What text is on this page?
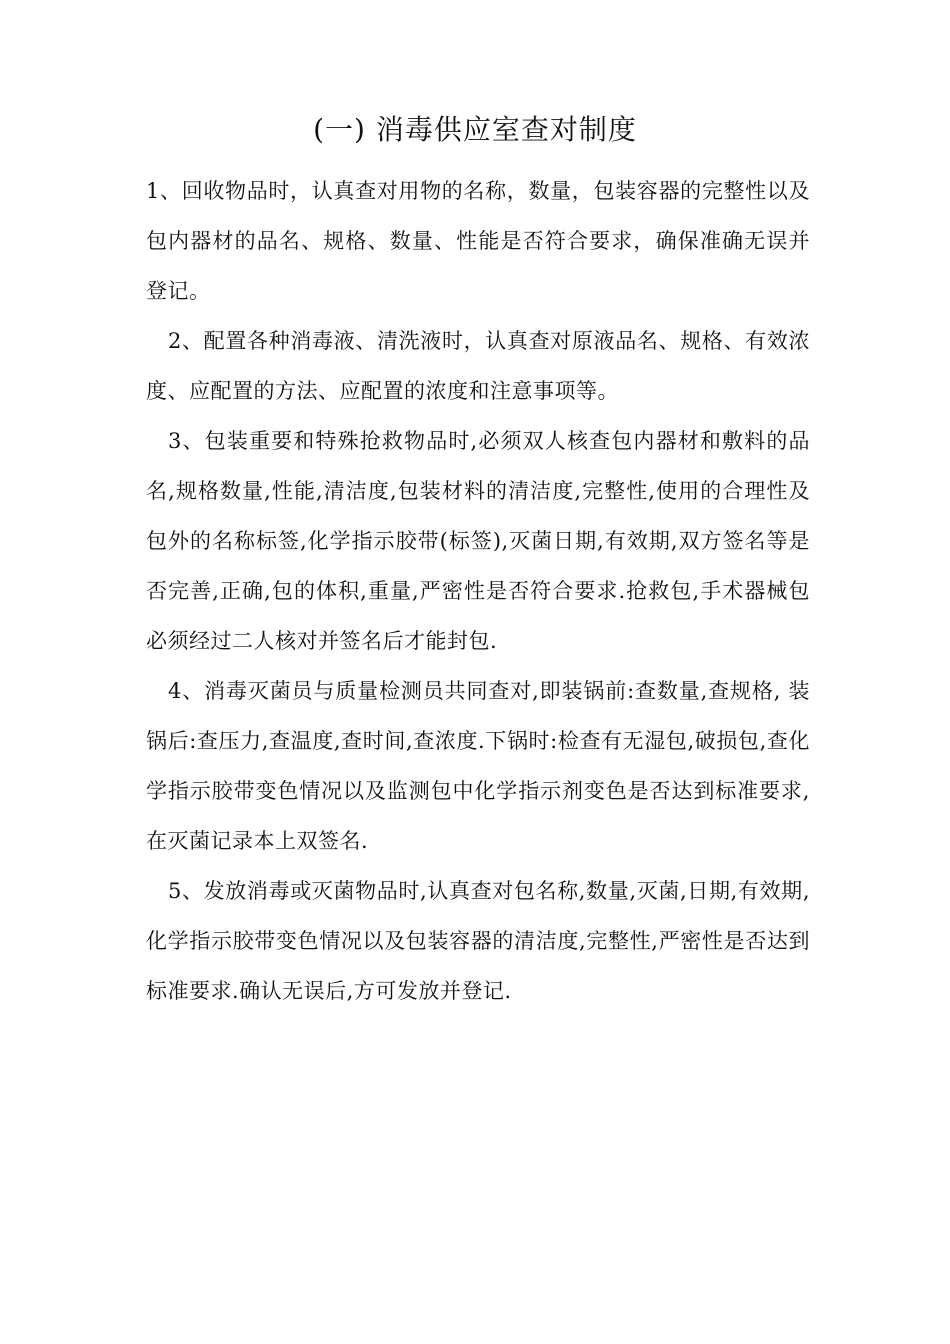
(一) 消毒供应室查对制度

1、回收物品时，认真查对用物的名称，数量，包装容器的完整性以及包内器材的品名、规格、数量、性能是否符合要求，确保准确无误并登记。

2、配置各种消毒液、清洗液时，认真查对原液品名、规格、有效浓度、应配置的方法、应配置的浓度和注意事项等。

3、包装重要和特殊抢救物品时,必须双人核查包内器材和敷料的品名,规格数量,性能,清洁度,包装材料的清洁度,完整性,使用的合理性及包外的名称标签,化学指示胶带(标签),灭菌日期,有效期,双方签名等是否完善,正确,包的体积,重量,严密性是否符合要求.抢救包,手术器械包必须经过二人核对并签名后才能封包.

4、消毒灭菌员与质量检测员共同查对,即装锅前:查数量,查规格, 装锅后:查压力,查温度,查时间,查浓度.下锅时:检查有无湿包,破损包,查化学指示胶带变色情况以及监测包中化学指示剂变色是否达到标准要求,在灭菌记录本上双签名.

5、发放消毒或灭菌物品时,认真查对包名称,数量,灭菌,日期,有效期,化学指示胶带变色情况以及包装容器的清洁度,完整性,严密性是否达到标准要求.确认无误后,方可发放并登记.
